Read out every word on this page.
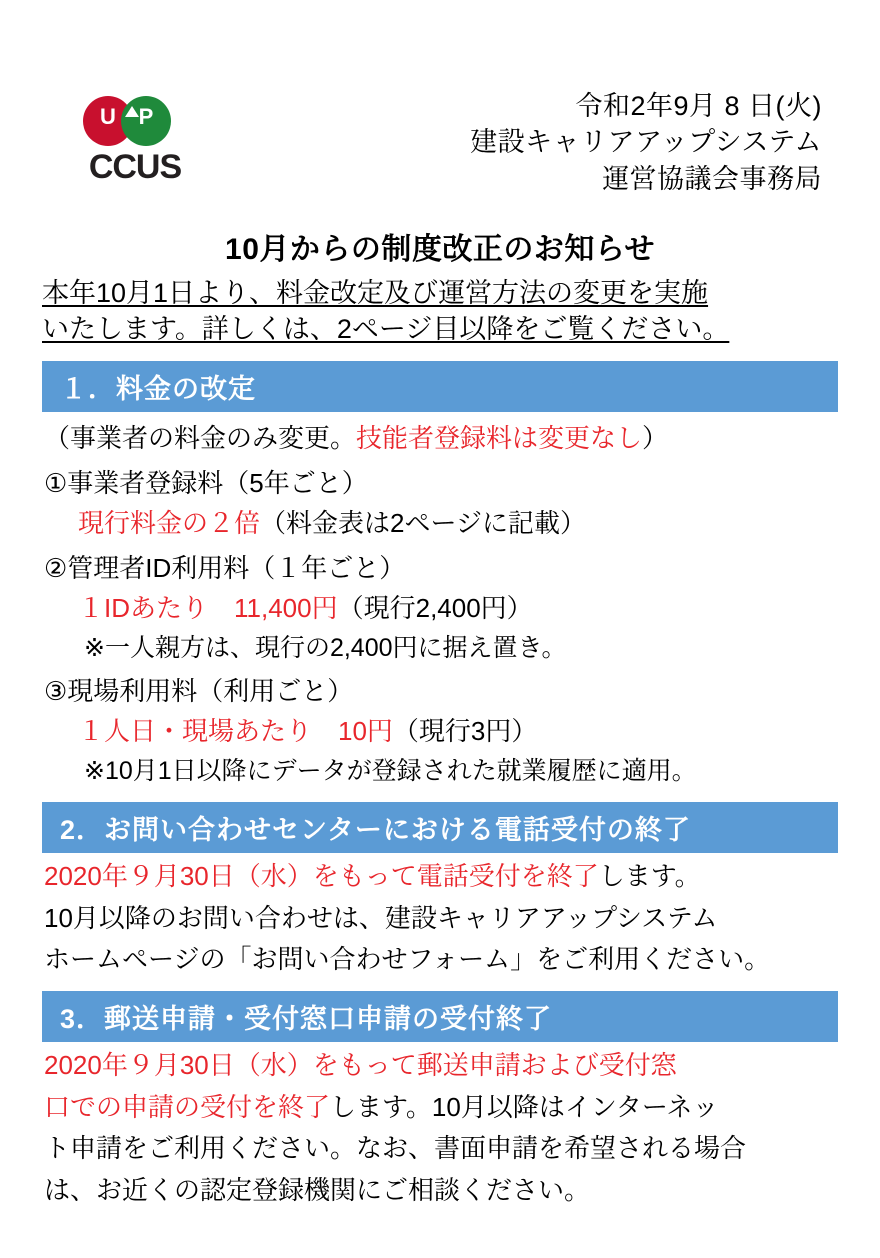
U	P
CCUS
令和2年9月 8 日(火)
建設キャリアアップシステム
運営協議会事務局
10月からの制度改正のお知らせ
本年10月1日より、料金改定及び運営方法の変更を実施
いたします。詳しくは、2ページ目以降をご覧ください。
１．料金の改定
（事業者の料金のみ変更。技能者登録料は変更なし）
①事業者登録料（5年ごと）
現行料金の２倍（料金表は2ページに記載）
②管理者ID利用料（１年ごと）
１IDあたり　11,400円（現行2,400円）
※一人親方は、現行の2,400円に据え置き。
③現場利用料（利用ごと）
１人日・現場あたり　10円（現行3円）
※10月1日以降にデータが登録された就業履歴に適用。
2．お問い合わせセンターにおける電話受付の終了
2020年９月30日（水）をもって電話受付を終了します。
10月以降のお問い合わせは、建設キャリアアップシステム
ホームページの「お問い合わせフォーム」をご利用ください。
3．郵送申請・受付窓口申請の受付終了
2020年９月30日（水）をもって郵送申請および受付窓
口での申請の受付を終了します。10月以降はインターネッ
ト申請をご利用ください。なお、書面申請を希望される場合
は、お近くの認定登録機関にご相談ください。
